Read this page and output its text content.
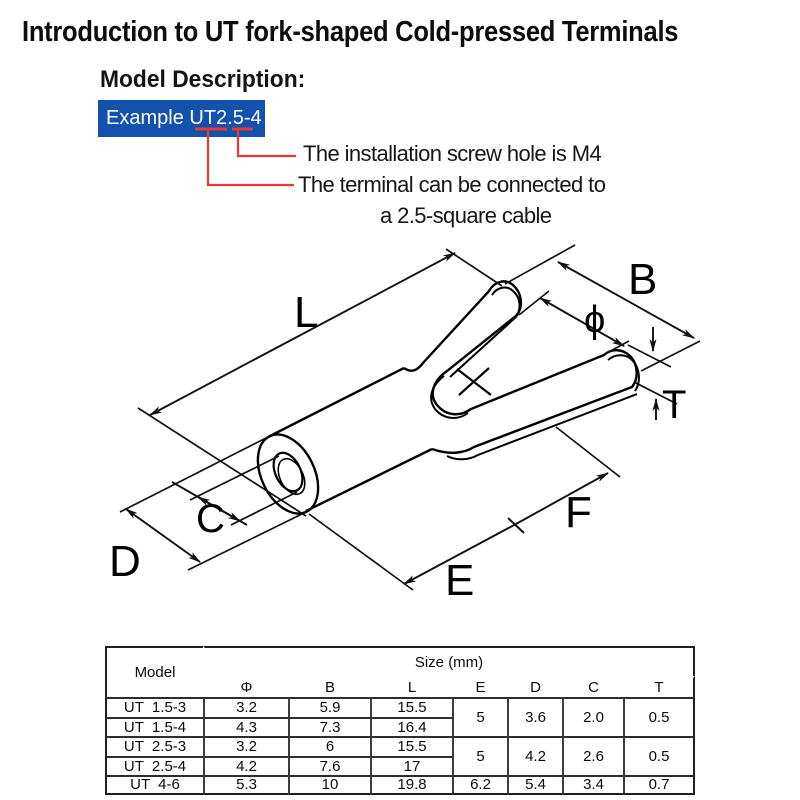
Introduction to UT fork-shaped Cold-pressed Terminals
Model Description:
Example UT2.5-4
L
B
ϕ
T
C
D	E
F
The installation screw hole is M4
The terminal can be connected to
a 2.5-square cable
Model	Size (mm)						
	Φ	B	L	E	D	C	T
UT  1.5-3	3.2	5.9	15.5	5	3.6	2.0	0.5
UT  1.5-4	4.3	7.3	16.4				
UT  2.5-3	3.2	6	15.5	5	4.2	2.6	0.5
UT  2.5-4	4.2	7.6	17				
UT  4-6	5.3	10	19.8	6.2	5.4	3.4	0.7
